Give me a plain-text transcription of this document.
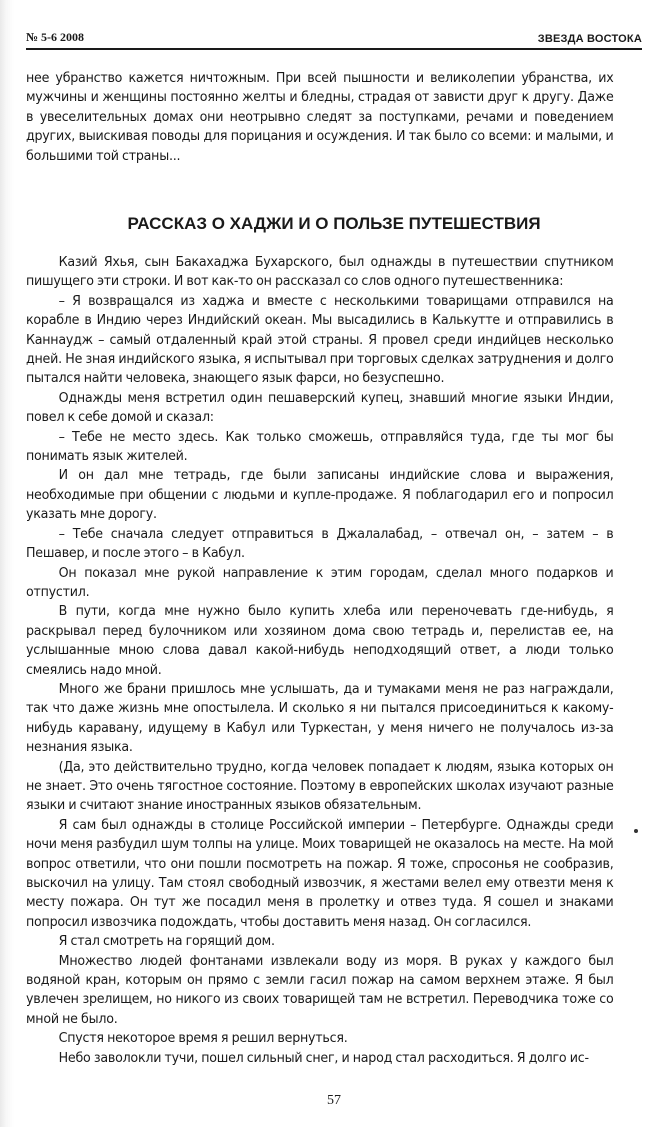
№ 5-6 2008	ЗВЕЗДА ВОСТОКА

нее убранство кажется ничтожным. При всей пышности и великолепии убранства, их мужчины и женщины постоянно желты и бледны, страдая от зависти друг к другу. Даже в увеселительных домах они неотрывно следят за поступками, речами и поведением других, выискивая поводы для порицания и осуждения. И так было со всеми: и малыми, и большими той страны...

РАССКАЗ О ХАДЖИ И О ПОЛЬЗЕ ПУТЕШЕСТВИЯ

Казий Яхья, сын Бакахаджа Бухарского, был однажды в путешествии спутником пишущего эти строки. И вот как-то он рассказал со слов одного путешественника:

– Я возвращался из хаджа и вместе с несколькими товарищами отправился на корабле в Индию через Индийский океан. Мы высадились в Калькутте и отправились в Каннаудж – самый отдаленный край этой страны. Я провел среди индийцев несколько дней. Не зная индийского языка, я испытывал при торговых сделках затруднения и долго пытался найти человека, знающего язык фарси, но безуспешно.

Однажды меня встретил один пешаверский купец, знавший многие языки Индии, повел к себе домой и сказал:

– Тебе не место здесь. Как только сможешь, отправляйся туда, где ты мог бы понимать язык жителей.

И он дал мне тетрадь, где были записаны индийские слова и выражения, необходимые при общении с людьми и купле-продаже. Я поблагодарил его и попросил указать мне дорогу.

– Тебе сначала следует отправиться в Джалалабад, – отвечал он, – затем – в Пешавер, и после этого – в Кабул.

Он показал мне рукой направление к этим городам, сделал много подарков и отпустил.

В пути, когда мне нужно было купить хлеба или переночевать где-нибудь, я раскрывал перед булочником или хозяином дома свою тетрадь и, перелистав ее, на услышанные мною слова давал какой-нибудь неподходящий ответ, а люди только смеялись надо мной.

Много же брани пришлось мне услышать, да и тумаками меня не раз награждали, так что даже жизнь мне опостылела. И сколько я ни пытался присоединиться к какому-нибудь каравану, идущему в Кабул или Туркестан, у меня ничего не получалось из-за незнания языка.

(Да, это действительно трудно, когда человек попадает к людям, языка которых он не знает. Это очень тягостное состояние. Поэтому в европейских школах изучают разные языки и считают знание иностранных языков обязательным.

Я сам был однажды в столице Российской империи – Петербурге. Однажды среди ночи меня разбудил шум толпы на улице. Моих товарищей не оказалось на месте. На мой вопрос ответили, что они пошли посмотреть на пожар. Я тоже, спросонья не сообразив, выскочил на улицу. Там стоял свободный извозчик, я жестами велел ему отвезти меня к месту пожара. Он тут же посадил меня в пролетку и отвез туда. Я сошел и знаками попросил извозчика подождать, чтобы доставить меня назад. Он согласился.

Я стал смотреть на горящий дом.

Множество людей фонтанами извлекали воду из моря. В руках у каждого был водяной кран, которым он прямо с земли гасил пожар на самом верхнем этаже. Я был увлечен зрелищем, но никого из своих товарищей там не встретил. Переводчика тоже со мной не было.

Спустя некоторое время я решил вернуться.

Небо заволокли тучи, пошел сильный снег, и народ стал расходиться. Я долго ис-

57
